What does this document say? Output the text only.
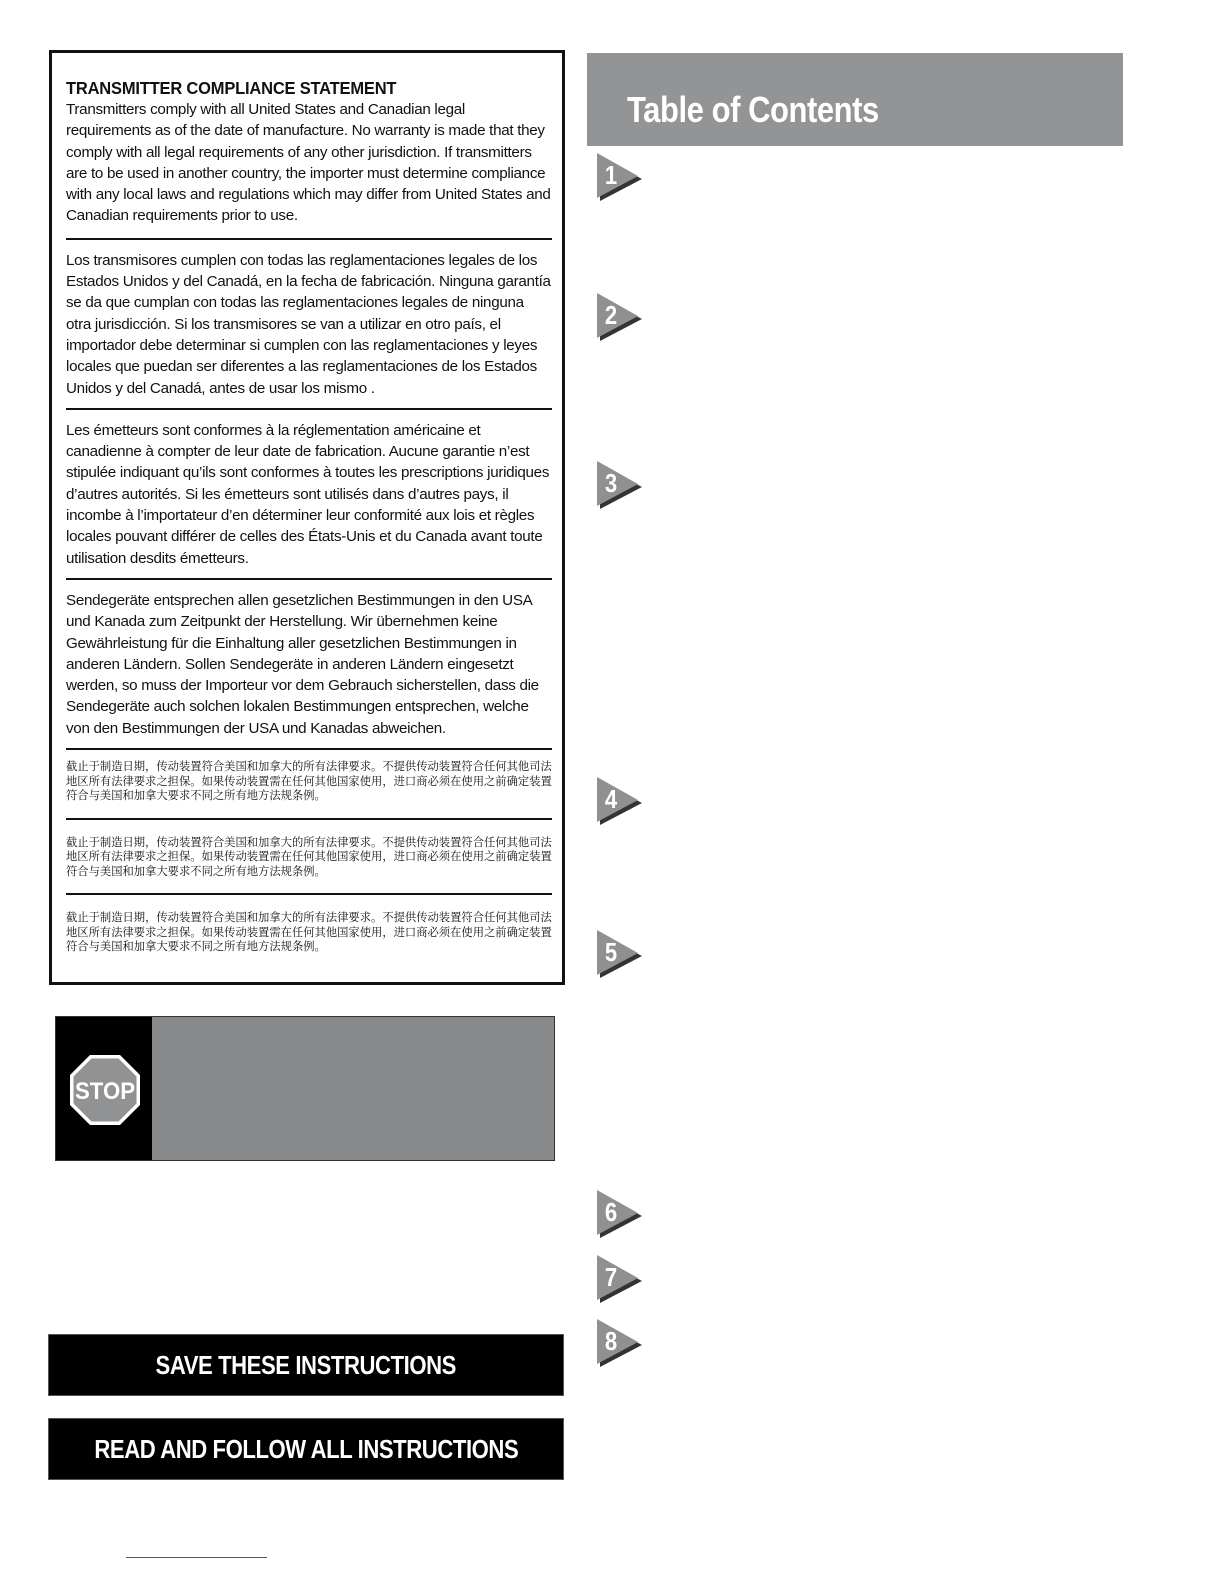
TRANSMITTER COMPLIANCE STATEMENT

Transmitters comply with all United States and Canadian legal requirements as of the date of manufacture. No warranty is made that they comply with all legal requirements of any other jurisdiction. If transmitters are to be used in another country, the importer must determine compliance with any local laws and regulations which may differ from United States and Canadian requirements prior to use.

Los transmisores cumplen con todas las reglamentaciones legales de los Estados Unidos y del Canadá, en la fecha de fabricación. Ninguna garantía se da que cumplan con todas las reglamentaciones legales de ninguna otra jurisdicción. Si los transmisores se van a utilizar en otro país, el importador debe determinar si cumplen con las reglamentaciones y leyes locales que puedan ser diferentes a las reglamentaciones de los Estados Unidos y del Canadá, antes de usar los mismo .

Les émetteurs sont conformes à la réglementation américaine et canadienne à compter de leur date de fabrication. Aucune garantie n’est stipulée indiquant qu’ils sont conformes à toutes les prescriptions juridiques d’autres autorités. Si les émetteurs sont utilisés dans d’autres pays, il incombe à l’importateur d’en déterminer leur conformité aux lois et règles locales pouvant différer de celles des États-Unis et du Canada avant toute utilisation desdits émetteurs.

Sendegeräte entsprechen allen gesetzlichen Bestimmungen in den USA und Kanada zum Zeitpunkt der Herstellung. Wir übernehmen keine Gewährleistung für die Einhaltung aller gesetzlichen Bestimmungen in anderen Ländern. Sollen Sendegeräte in anderen Ländern eingesetzt werden, so muss der Importeur vor dem Gebrauch sicherstellen, dass die Sendegeräte auch solchen lokalen Bestimmungen entsprechen, welche von den Bestimmungen der USA und Kanadas abweichen.

截止于制造日期，传动装置符合美国和加拿大的所有法律要求。不提供传动装置符合任何其他司法地区所有法律要求之担保。如果传动装置需在任何其他国家使用，进口商必须在使用之前确定装置符合与美国和加拿大要求不同之所有地方法规条例。

截止于制造日期，传动装置符合美国和加拿大的所有法律要求。不提供传动装置符合任何其他司法地区所有法律要求之担保。如果传动装置需在任何其他国家使用，进口商必须在使用之前确定装置符合与美国和加拿大要求不同之所有地方法规条例。

截止于制造日期，传动装置符合美国和加拿大的所有法律要求。不提供传动装置符合任何其他司法地区所有法律要求之担保。如果传动装置需在任何其他国家使用，进口商必须在使用之前确定装置符合与美国和加拿大要求不同之所有地方法规条例。

STOP
SAVE THESE INSTRUCTIONS
READ AND FOLLOW ALL INSTRUCTIONS
Table of Contents
1
2
3
4
5
6
7
8
